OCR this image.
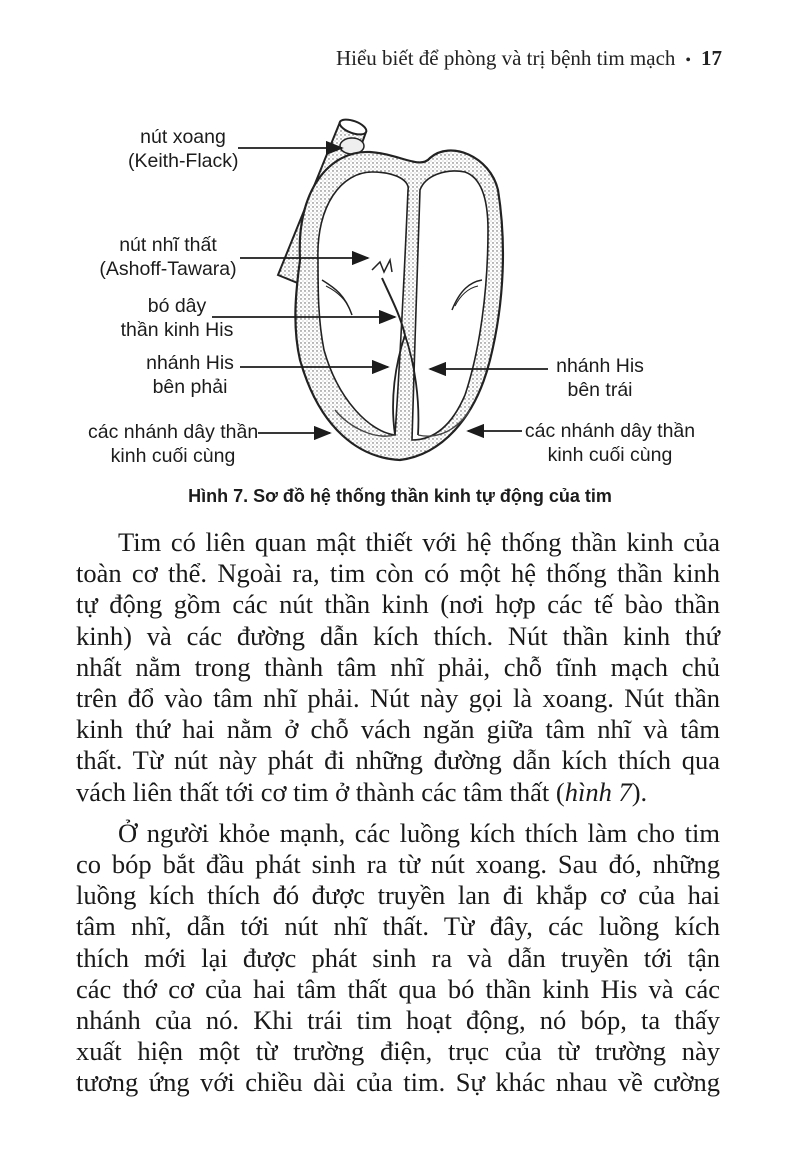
Hiểu biết để phòng và trị bệnh tim mạch • 17
nút xoang
(Keith-Flack)
nút nhĩ thất
(Ashoff-Tawara)
bó dây
thần kinh His
nhánh His
bên phải
các nhánh dây thần
kinh cuối cùng
nhánh His
bên trái
các nhánh dây thần
kinh cuối cùng
Hình 7. Sơ đồ hệ thống thần kinh tự động của tim
Tim có liên quan mật thiết với hệ thống thần kinh của
toàn cơ thể. Ngoài ra, tim còn có một hệ thống thần kinh
tự động gồm các nút thần kinh (nơi hợp các tế bào thần
kinh) và các đường dẫn kích thích. Nút thần kinh thứ
nhất nằm trong thành tâm nhĩ phải, chỗ tĩnh mạch chủ
trên đổ vào tâm nhĩ phải. Nút này gọi là xoang. Nút thần
kinh thứ hai nằm ở chỗ vách ngăn giữa tâm nhĩ và tâm
thất. Từ nút này phát đi những đường dẫn kích thích qua
vách liên thất tới cơ tim ở thành các tâm thất (hình 7).
Ở người khỏe mạnh, các luồng kích thích làm cho tim
co bóp bắt đầu phát sinh ra từ nút xoang. Sau đó, những
luồng kích thích đó được truyền lan đi khắp cơ của hai
tâm nhĩ, dẫn tới nút nhĩ thất. Từ đây, các luồng kích
thích mới lại được phát sinh ra và dẫn truyền tới tận
các thớ cơ của hai tâm thất qua bó thần kinh His và các
nhánh của nó. Khi trái tim hoạt động, nó bóp, ta thấy
xuất hiện một từ trường điện, trục của từ trường này
tương ứng với chiều dài của tim. Sự khác nhau về cường
